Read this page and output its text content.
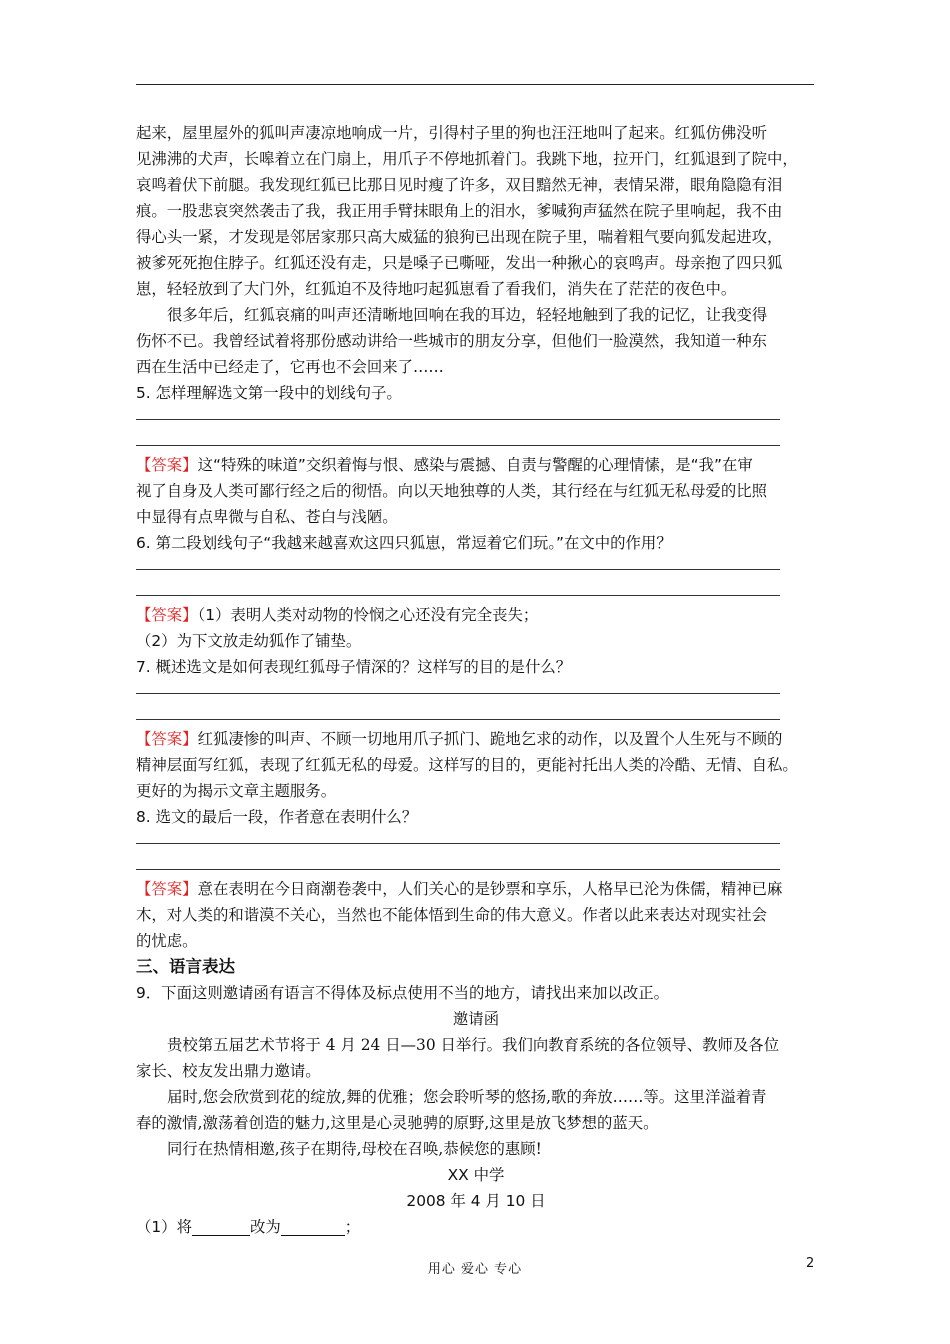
起来，屋里屋外的狐叫声凄凉地响成一片，引得村子里的狗也汪汪地叫了起来。红狐仿佛没听
见沸沸的犬声，长嗥着立在门扇上，用爪子不停地抓着门。我跳下地，拉开门，红狐退到了院中，
哀鸣着伏下前腿。我发现红狐已比那日见时瘦了许多，双目黯然无神，表情呆滞，眼角隐隐有泪
痕。一股悲哀突然袭击了我，我正用手臂抹眼角上的泪水，爹喊狗声猛然在院子里响起，我不由
得心头一紧，才发现是邻居家那只高大威猛的狼狗已出现在院子里，喘着粗气要向狐发起进攻，
被爹死死抱住脖子。红狐还没有走，只是嗓子已嘶哑，发出一种揪心的哀鸣声。母亲抱了四只狐
崽，轻轻放到了大门外，红狐迫不及待地叼起狐崽看了看我们，消失在了茫茫的夜色中。
很多年后，红狐哀痛的叫声还清晰地回响在我的耳边，轻轻地触到了我的记忆，让我变得
伤怀不已。我曾经试着将那份感动讲给一些城市的朋友分享，但他们一脸漠然，我知道一种东
西在生活中已经走了，它再也不会回来了……
5. 怎样理解选文第一段中的划线句子。
【答案】这“特殊的味道”交织着悔与恨、感染与震撼、自责与警醒的心理情愫，是“我”在审
视了自身及人类可鄙行经之后的彻悟。向以天地独尊的人类，其行经在与红狐无私母爱的比照
中显得有点卑微与自私、苍白与浅陋。
6. 第二段划线句子“我越来越喜欢这四只狐崽，常逗着它们玩。”在文中的作用？
【答案】（1）表明人类对动物的怜悯之心还没有完全丧失；
（2）为下文放走幼狐作了铺垫。
7. 概述选文是如何表现红狐母子情深的？这样写的目的是什么？
【答案】红狐凄惨的叫声、不顾一切地用爪子抓门、跪地乞求的动作，以及置个人生死与不顾的
精神层面写红狐，表现了红狐无私的母爱。这样写的目的，更能衬托出人类的冷酷、无情、自私。
更好的为揭示文章主题服务。
8. 选文的最后一段，作者意在表明什么？
【答案】意在表明在今日商潮卷袭中，人们关心的是钞票和享乐，人格早已沦为侏儒，精神已麻
木，对人类的和谐漠不关心，当然也不能体悟到生命的伟大意义。作者以此来表达对现实社会
的忧虑。
三、语言表达
9．下面这则邀请函有语言不得体及标点使用不当的地方，请找出来加以改正。
邀请函
贵校第五届艺术节将于 4 月 24 日—30 日举行。我们向教育系统的各位领导、教师及各位
家长、校友发出鼎力邀请。
届时,您会欣赏到花的绽放,舞的优雅；您会聆听琴的悠扬,歌的奔放……等。这里洋溢着青
春的激情,激荡着创造的魅力,这里是心灵驰骋的原野,这里是放飞梦想的蓝天。
同行在热情相邀,孩子在期待,母校在召唤,恭候您的惠顾!
XX 中学
2008 年 4 月 10 日
（1）将	改为	；
用心 爱心 专心	2
